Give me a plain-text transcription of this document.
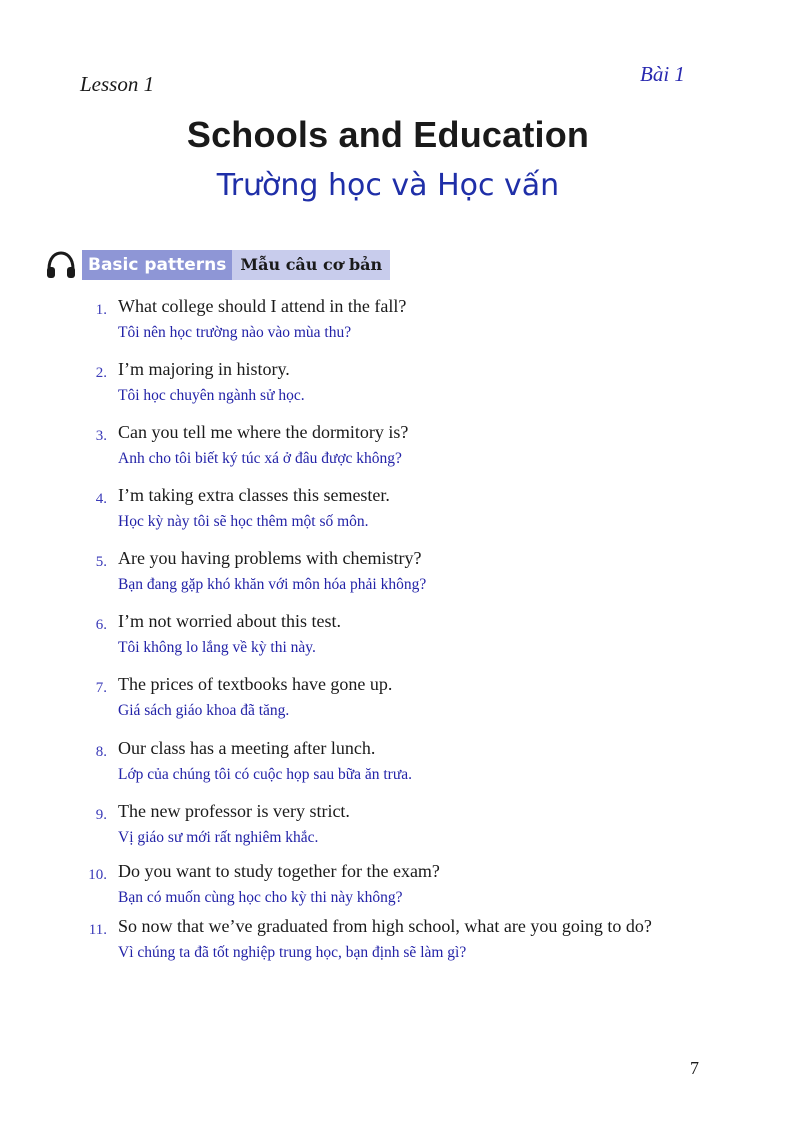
Lesson 1	Bài 1
Schools and Education
Trường học và Học vấn
Basic patterns Mẫu câu cơ bản
1. What college should I attend in the fall?
Tôi nên học trường nào vào mùa thu?
2. I’m majoring in history.
Tôi học chuyên ngành sử học.
3. Can you tell me where the dormitory is?
Anh cho tôi biết ký túc xá ở đâu được không?
4. I’m taking extra classes this semester.
Học kỳ này tôi sẽ học thêm một số môn.
5. Are you having problems with chemistry?
Bạn đang gặp khó khăn với môn hóa phải không?
6. I’m not worried about this test.
Tôi không lo lắng về kỳ thi này.
7. The prices of textbooks have gone up.
Giá sách giáo khoa đã tăng.
8. Our class has a meeting after lunch.
Lớp của chúng tôi có cuộc họp sau bữa ăn trưa.
9. The new professor is very strict.
Vị giáo sư mới rất nghiêm khắc.
10. Do you want to study together for the exam?
Bạn có muốn cùng học cho kỳ thi này không?
11. So now that we’ve graduated from high school, what are you going to do?
Vì chúng ta đã tốt nghiệp trung học, bạn định sẽ làm gì?
7
